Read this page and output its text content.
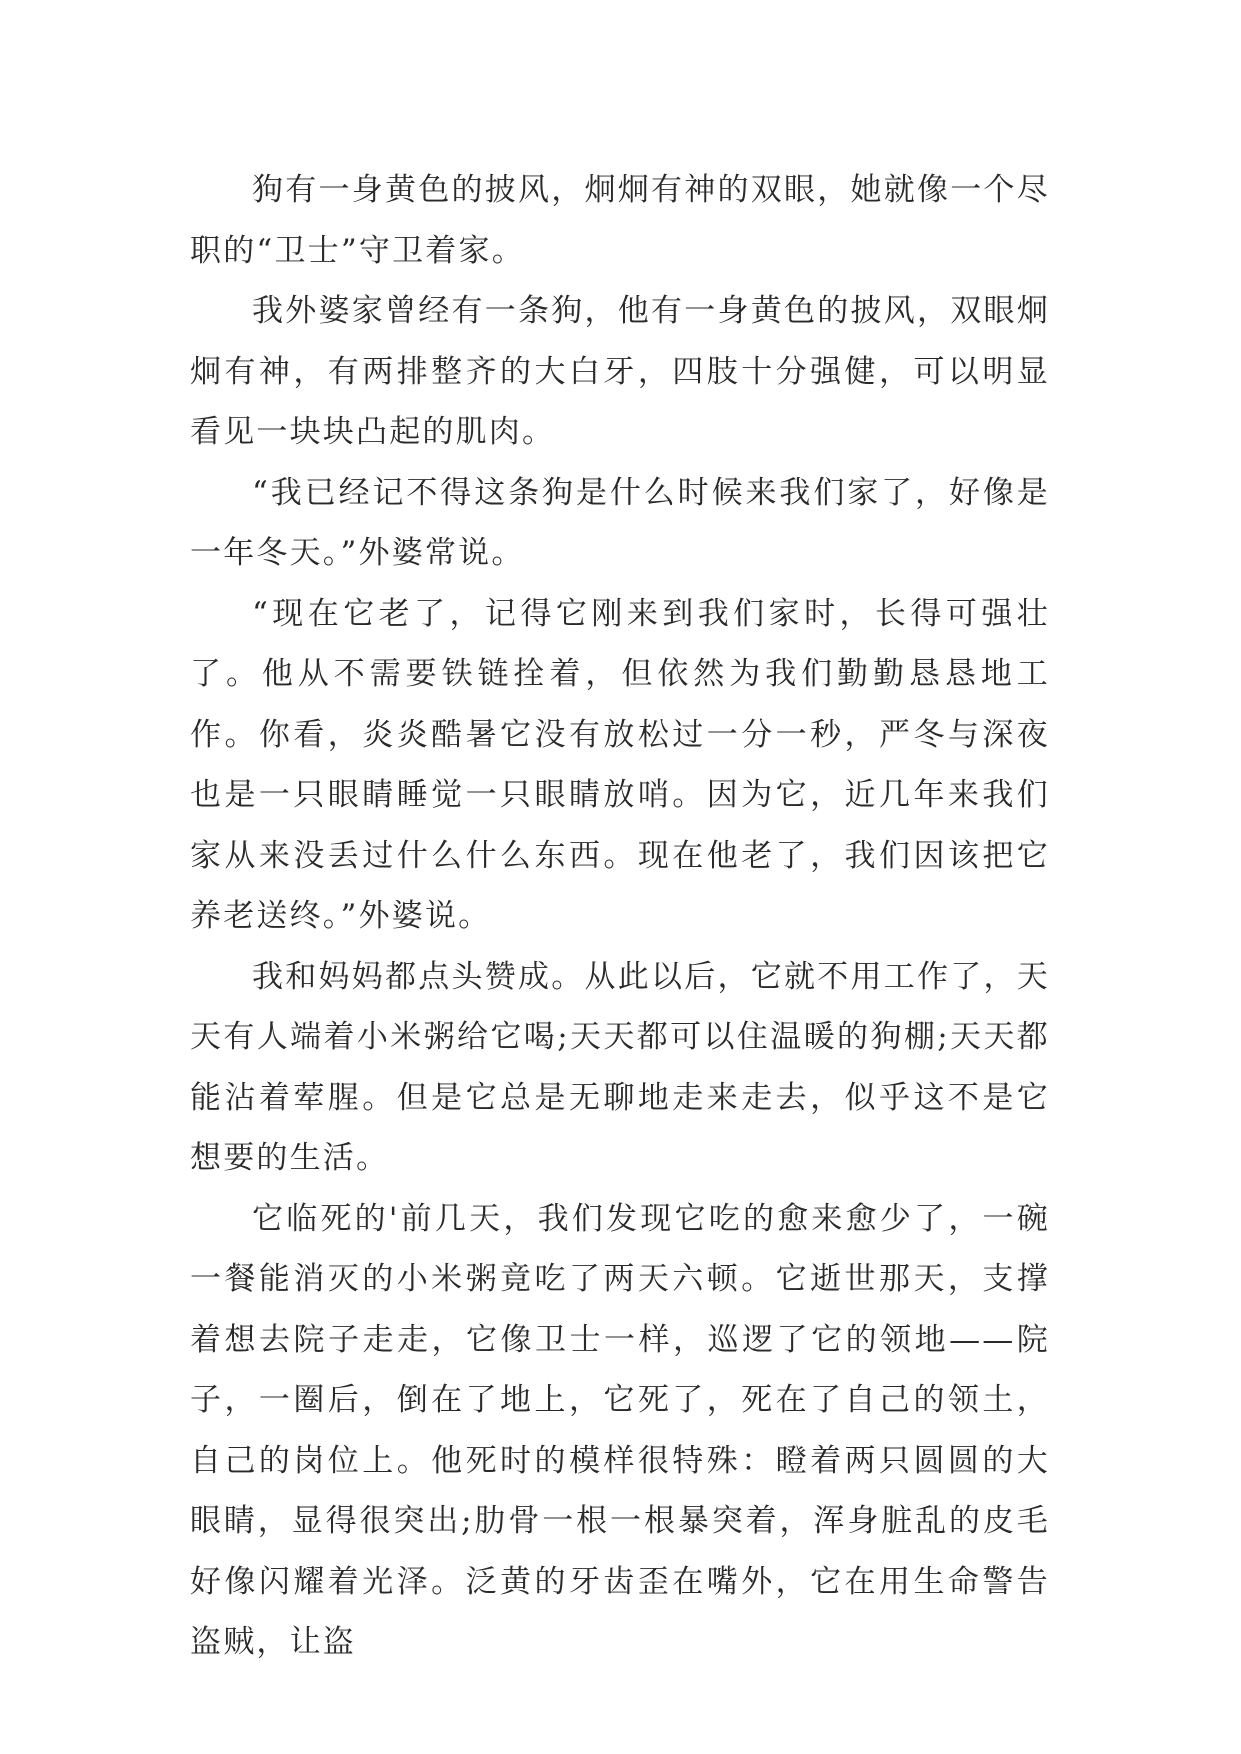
狗有一身黄色的披风，炯炯有神的双眼，她就像一个尽职的“卫士”守卫着家。

我外婆家曾经有一条狗，他有一身黄色的披风，双眼炯炯有神，有两排整齐的大白牙，四肢十分强健，可以明显看见一块块凸起的肌肉。

“我已经记不得这条狗是什么时候来我们家了，好像是一年冬天。”外婆常说。

“现在它老了，记得它刚来到我们家时，长得可强壮了。他从不需要铁链拴着，但依然为我们勤勤恳恳地工作。你看，炎炎酷暑它没有放松过一分一秒，严冬与深夜也是一只眼睛睡觉一只眼睛放哨。因为它，近几年来我们家从来没丢过什么什么东西。现在他老了，我们因该把它养老送终。”外婆说。

我和妈妈都点头赞成。从此以后，它就不用工作了，天天有人端着小米粥给它喝;天天都可以住温暖的狗棚;天天都能沾着荤腥。但是它总是无聊地走来走去，似乎这不是它想要的生活。

它临死的'前几天，我们发现它吃的愈来愈少了，一碗一餐能消灭的小米粥竟吃了两天六顿。它逝世那天，支撑着想去院子走走，它像卫士一样，巡逻了它的领地——院子，一圈后，倒在了地上，它死了，死在了自己的领土，自己的岗位上。他死时的模样很特殊：瞪着两只圆圆的大眼睛，显得很突出;肋骨一根一根暴突着，浑身脏乱的皮毛好像闪耀着光泽。泛黄的牙齿歪在嘴外，它在用生命警告盗贼，让盗
